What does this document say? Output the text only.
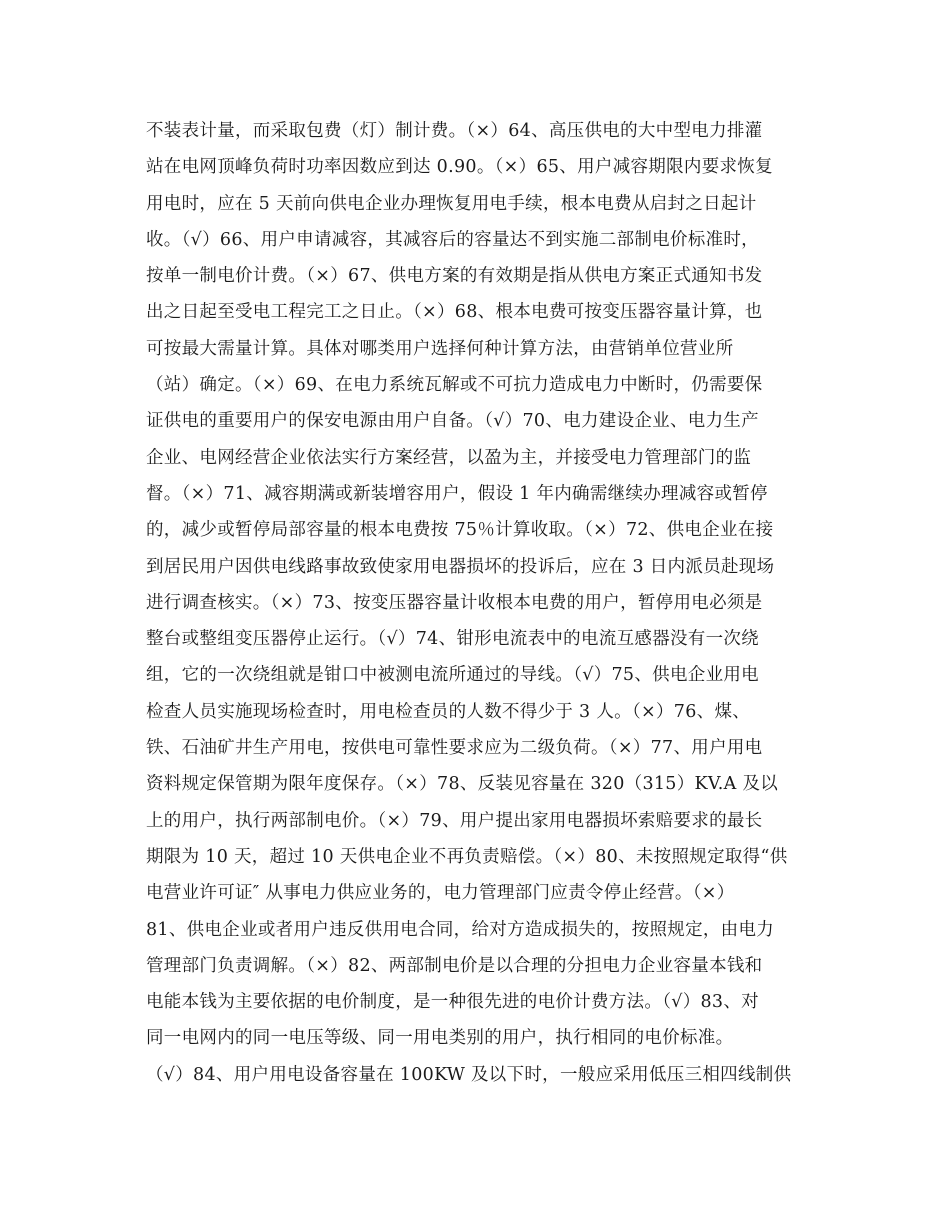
不装表计量，而采取包费（灯）制计费。（×）64、高压供电的大中型电力排灌
站在电网顶峰负荷时功率因数应到达 0.90。（×）65、用户减容期限内要求恢复
用电时，应在 5 天前向供电企业办理恢复用电手续，根本电费从启封之日起计
收。（√）66、用户申请减容，其减容后的容量达不到实施二部制电价标准时，
按单一制电价计费。（×）67、供电方案的有效期是指从供电方案正式通知书发
出之日起至受电工程完工之日止。（×）68、根本电费可按变压器容量计算，也
可按最大需量计算。具体对哪类用户选择何种计算方法，由营销单位营业所
（站）确定。（×）69、在电力系统瓦解或不可抗力造成电力中断时，仍需要保
证供电的重要用户的保安电源由用户自备。（√）70、电力建设企业、电力生产
企业、电网经营企业依法实行方案经营，以盈为主，并接受电力管理部门的监
督。（×）71、减容期满或新装增容用户，假设 1 年内确需继续办理减容或暂停
的，减少或暂停局部容量的根本电费按 75％计算收取。（×）72、供电企业在接
到居民用户因供电线路事故致使家用电器损坏的投诉后，应在 3 日内派员赴现场
进行调查核实。（×）73、按变压器容量计收根本电费的用户，暂停用电必须是
整台或整组变压器停止运行。（√）74、钳形电流表中的电流互感器没有一次绕
组，它的一次绕组就是钳口中被测电流所通过的导线。（√）75、供电企业用电
检查人员实施现场检查时，用电检查员的人数不得少于 3 人。（×）76、煤、
铁、石油矿井生产用电，按供电可靠性要求应为二级负荷。（×）77、用户用电
资料规定保管期为限年度保存。（×）78、反装见容量在 320（315）KV.A 及以
上的用户，执行两部制电价。（×）79、用户提出家用电器损坏索赔要求的最长
期限为 10 天，超过 10 天供电企业不再负责赔偿。（×）80、未按照规定取得“供
电营业许可证″ 从事电力供应业务的，电力管理部门应责令停止经营。（×）
81、供电企业或者用户违反供用电合同，给对方造成损失的，按照规定，由电力
管理部门负责调解。（×）82、两部制电价是以合理的分担电力企业容量本钱和
电能本钱为主要依据的电价制度，是一种很先进的电价计费方法。（√）83、对
同一电网内的同一电压等级、同一用电类别的用户，执行相同的电价标准。
（√）84、用户用电设备容量在 100KW 及以下时，一般应采用低压三相四线制供
